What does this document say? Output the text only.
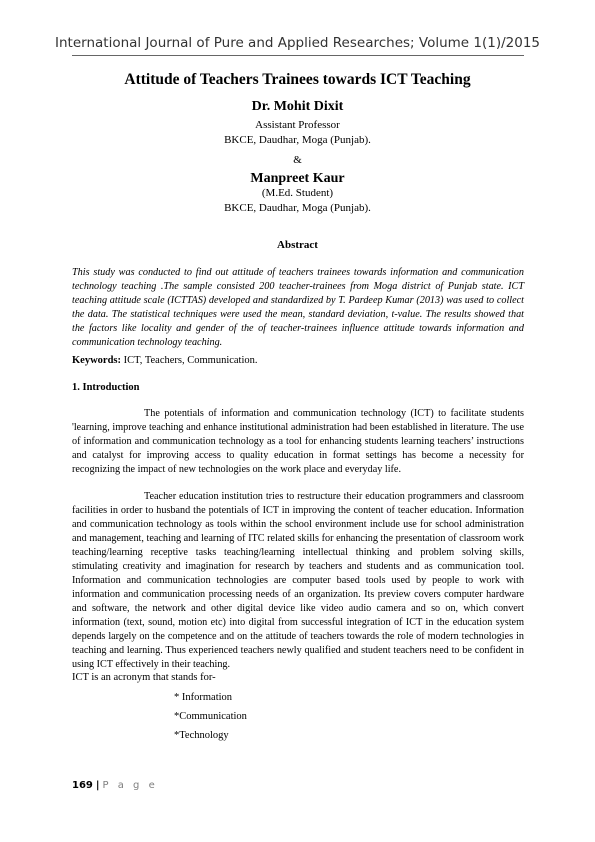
International Journal of Pure and Applied Researches; Volume 1(1)/2015
Attitude of Teachers Trainees towards ICT Teaching
Dr. Mohit Dixit
Assistant Professor
BKCE, Daudhar, Moga (Punjab).
&
Manpreet Kaur
(M.Ed. Student)
BKCE, Daudhar, Moga (Punjab).
Abstract
This study was conducted to find out attitude of teachers trainees towards information and communication technology teaching .The sample consisted 200 teacher-trainees from Moga district of Punjab state. ICT teaching attitude scale (ICTTAS) developed and standardized by T. Pardeep Kumar (2013) was used to collect the data. The statistical techniques were used the mean, standard deviation, t-value. The results showed that the factors like locality and gender of the of teacher-trainees influence attitude towards information and communication technology teaching.
Keywords: ICT, Teachers, Communication.
1. Introduction
The potentials of information and communication technology (ICT) to facilitate students 'learning, improve teaching and enhance institutional administration had been established in literature. The use of information and communication technology as a tool for enhancing students learning teachers’ instructions and catalyst for improving access to quality education in format settings has become a necessity for recognizing the impact of new technologies on the work place and everyday life.
Teacher education institution tries to restructure their education programmers and classroom facilities in order to husband the potentials of ICT in improving the content of teacher education. Information and communication technology as tools within the school environment include use for school administration and management, teaching and learning of ITC related skills for enhancing the presentation of classroom work teaching/learning receptive tasks teaching/learning intellectual thinking and problem solving skills, stimulating creativity and imagination for research by teachers and students and as communication tool. Information and communication technologies are computer based tools used by people to work with information and communication processing needs of an organization. Its preview covers computer hardware and software, the network and other digital device like video audio camera and so on, which convert information (text, sound, motion etc) into digital from successful integration of ICT in the education system depends largely on the competence and on the attitude of teachers towards the role of modern technologies in teaching and learning. Thus experienced teachers newly qualified and student teachers need to be confident in using ICT effectively in their teaching.
ICT is an acronym that stands for-
* Information
*Communication
*Technology
169 | P a g e
